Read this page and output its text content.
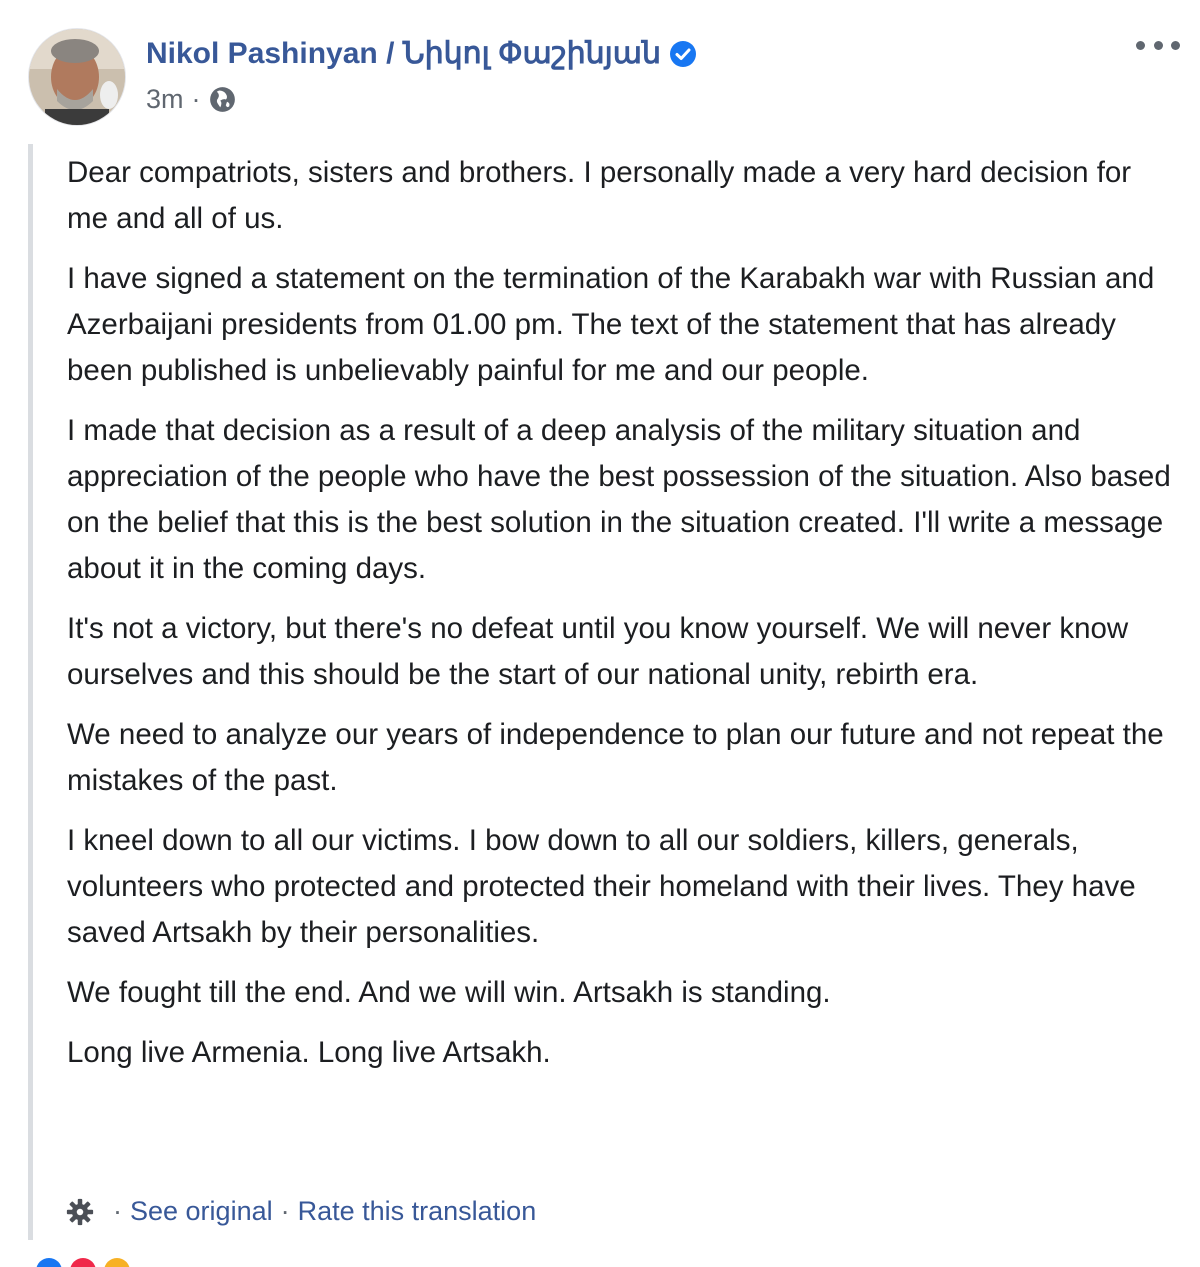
Nikol Pashinyan / Նիկոլ Փաշինյան
3m ·

Dear compatriots, sisters and brothers. I personally made a very hard decision for me and all of us.

I have signed a statement on the termination of the Karabakh war with Russian and Azerbaijani presidents from 01.00 pm. The text of the statement that has already been published is unbelievably painful for me and our people.

I made that decision as a result of a deep analysis of the military situation and appreciation of the people who have the best possession of the situation. Also based on the belief that this is the best solution in the situation created. I'll write a message about it in the coming days.

It's not a victory, but there's no defeat until you know yourself. We will never know ourselves and this should be the start of our national unity, rebirth era.

We need to analyze our years of independence to plan our future and not repeat the mistakes of the past.

I kneel down to all our victims. I bow down to all our soldiers, killers, generals, volunteers who protected and protected their homeland with their lives. They have saved Artsakh by their personalities.

We fought till the end. And we will win. Artsakh is standing.

Long live Armenia. Long live Artsakh.

· See original · Rate this translation
